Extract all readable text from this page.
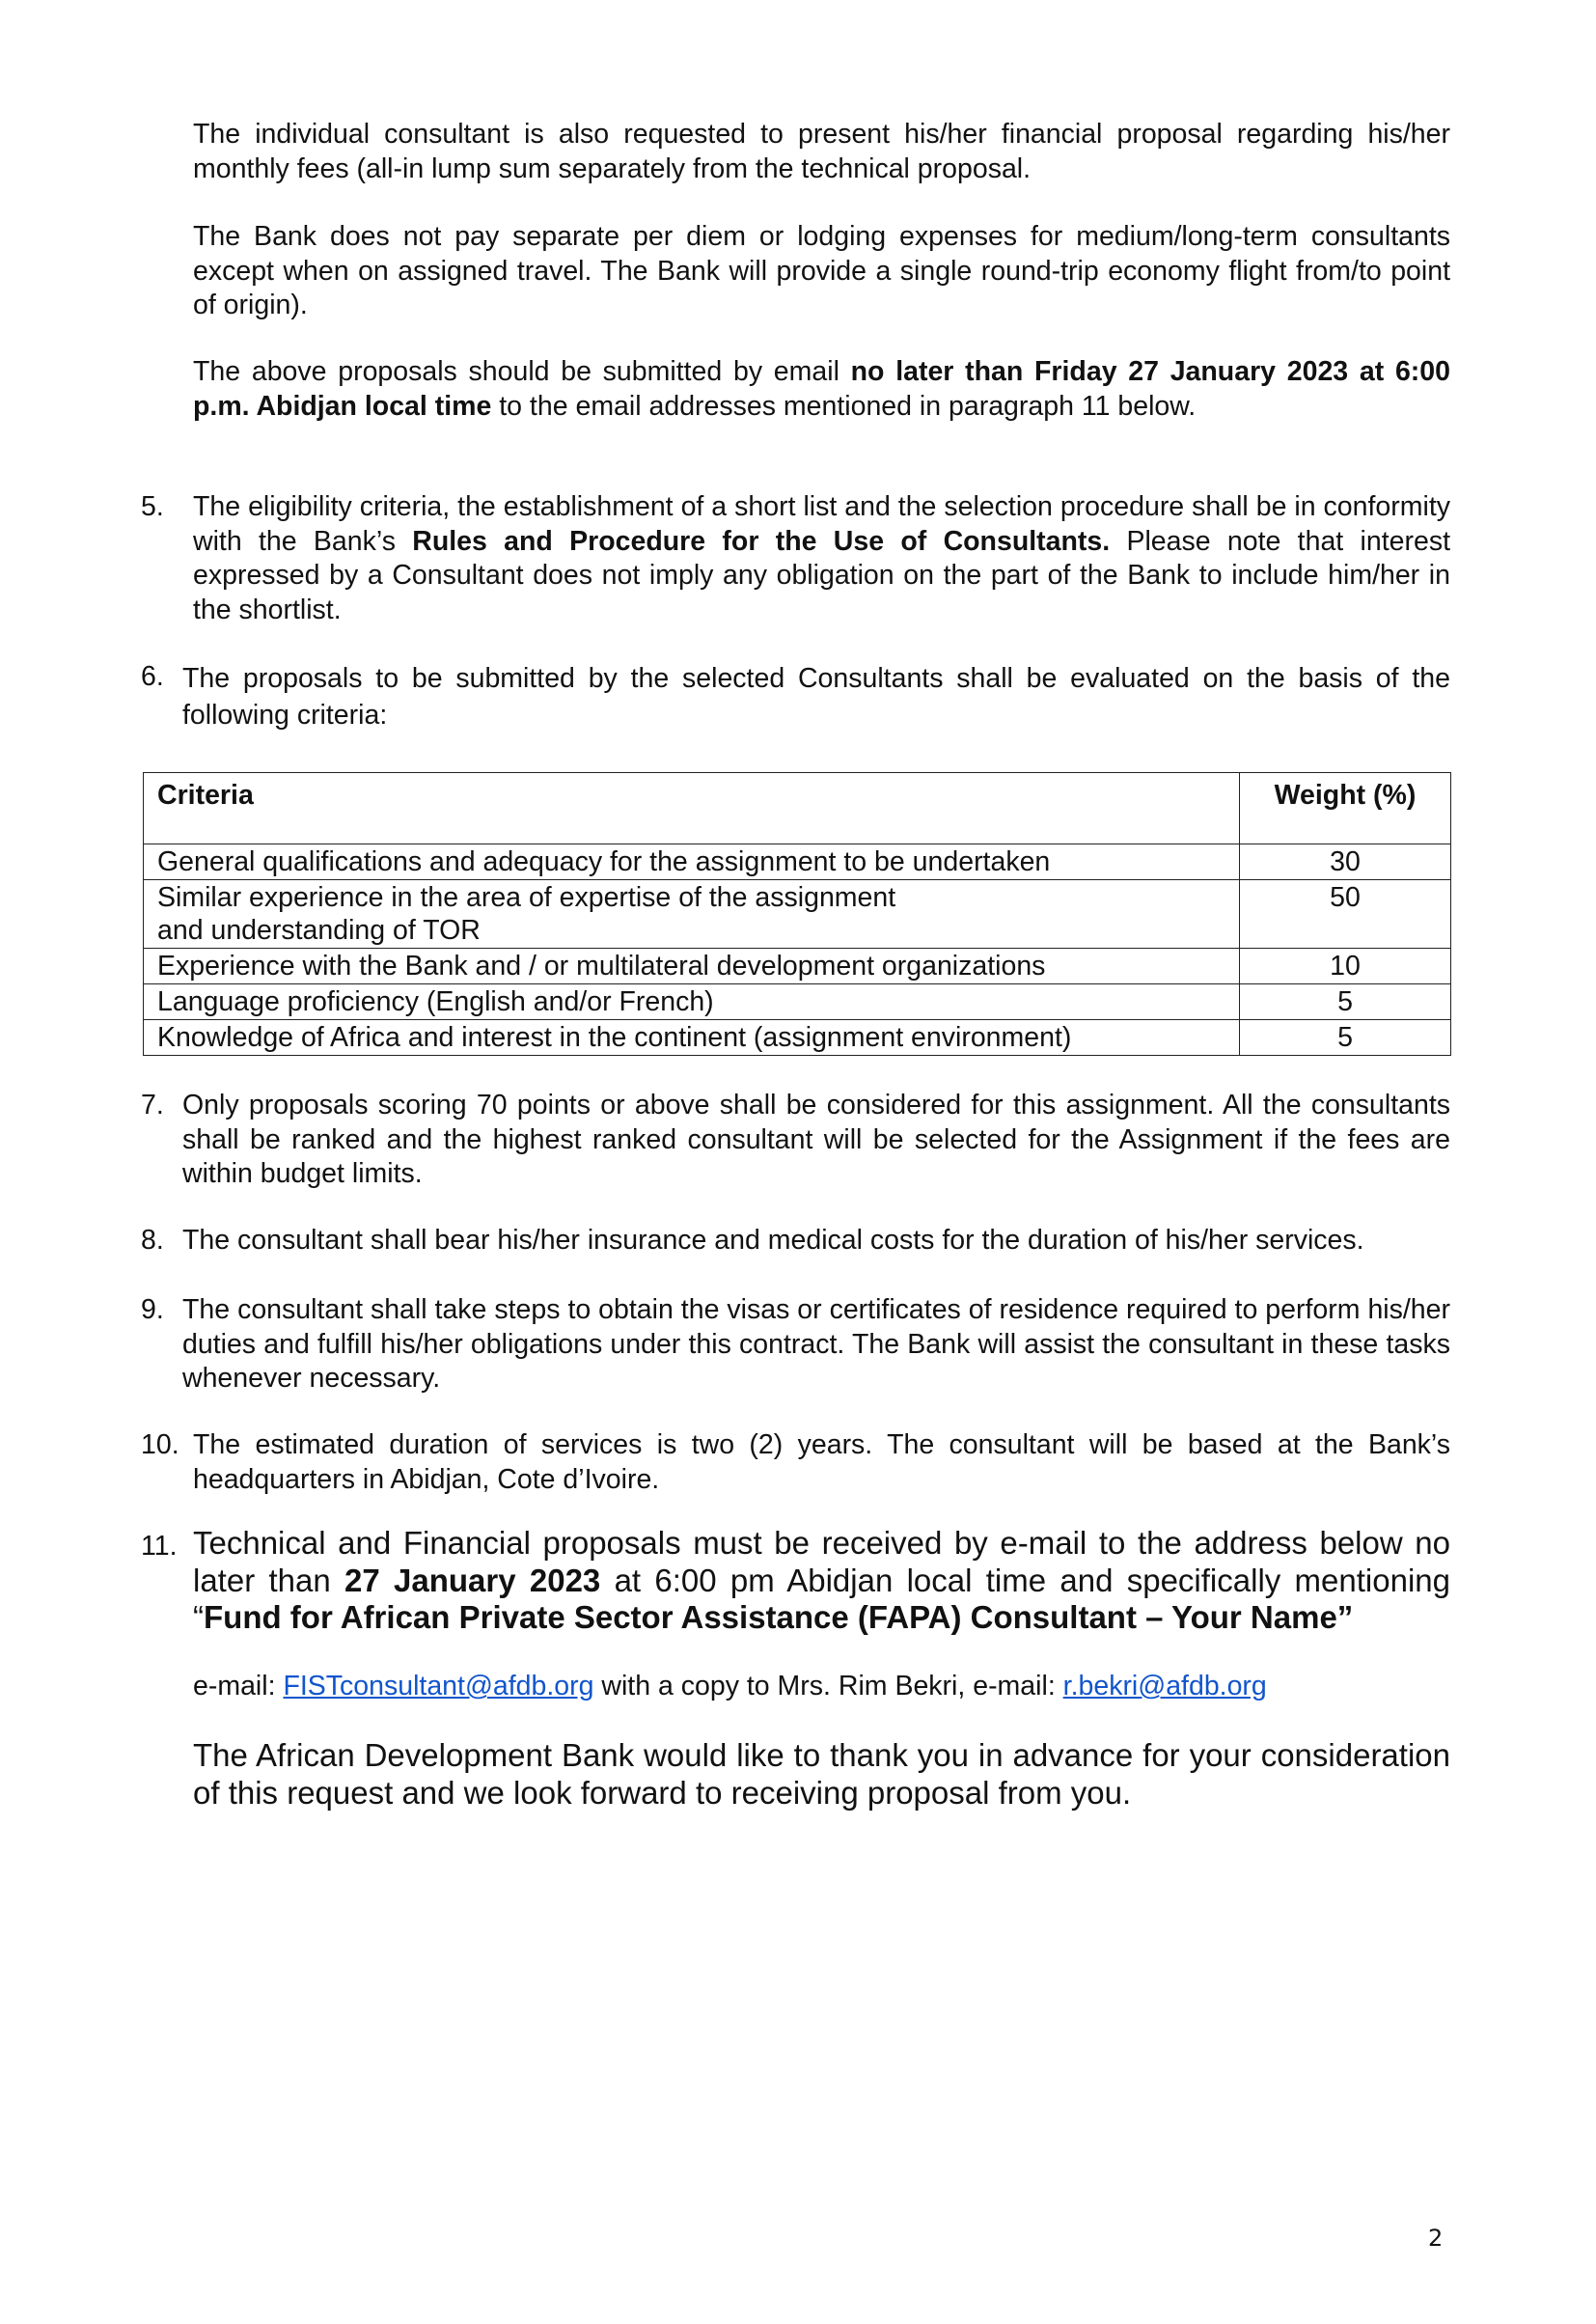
The individual consultant is also requested to present his/her financial proposal regarding his/her monthly fees (all-in lump sum separately from the technical proposal.

The Bank does not pay separate per diem or lodging expenses for medium/long-term consultants except when on assigned travel. The Bank will provide a single round-trip economy flight from/to point of origin).

The above proposals should be submitted by email no later than Friday 27 January 2023 at 6:00 p.m. Abidjan local time to the email addresses mentioned in paragraph 11 below.

5. The eligibility criteria, the establishment of a short list and the selection procedure shall be in conformity with the Bank’s Rules and Procedure for the Use of Consultants. Please note that interest expressed by a Consultant does not imply any obligation on the part of the Bank to include him/her in the shortlist.

6. The proposals to be submitted by the selected Consultants shall be evaluated on the basis of the following criteria:

Criteria	Weight (%)
General qualifications and adequacy for the assignment to be undertaken	30
Similar experience in the area of expertise of the assignment
and understanding of TOR	50
Experience with the Bank and / or multilateral development organizations	10
Language proficiency (English and/or French)	5
Knowledge of Africa and interest in the continent (assignment environment)	5
7. Only proposals scoring 70 points or above shall be considered for this assignment. All the consultants shall be ranked and the highest ranked consultant will be selected for the Assignment if the fees are within budget limits.

8. The consultant shall bear his/her insurance and medical costs for the duration of his/her services.

9. The consultant shall take steps to obtain the visas or certificates of residence required to perform his/her duties and fulfill his/her obligations under this contract. The Bank will assist the consultant in these tasks whenever necessary.

10. The estimated duration of services is two (2) years. The consultant will be based at the Bank’s headquarters in Abidjan, Cote d’Ivoire.

11. Technical and Financial proposals must be received by e-mail to the address below no later than 27 January 2023 at 6:00 pm Abidjan local time and specifically mentioning “Fund for African Private Sector Assistance (FAPA) Consultant – Your Name”

e-mail: FISTconsultant@afdb.org with a copy to Mrs. Rim Bekri, e-mail: r.bekri@afdb.org

The African Development Bank would like to thank you in advance for your consideration of this request and we look forward to receiving proposal from you.

2
